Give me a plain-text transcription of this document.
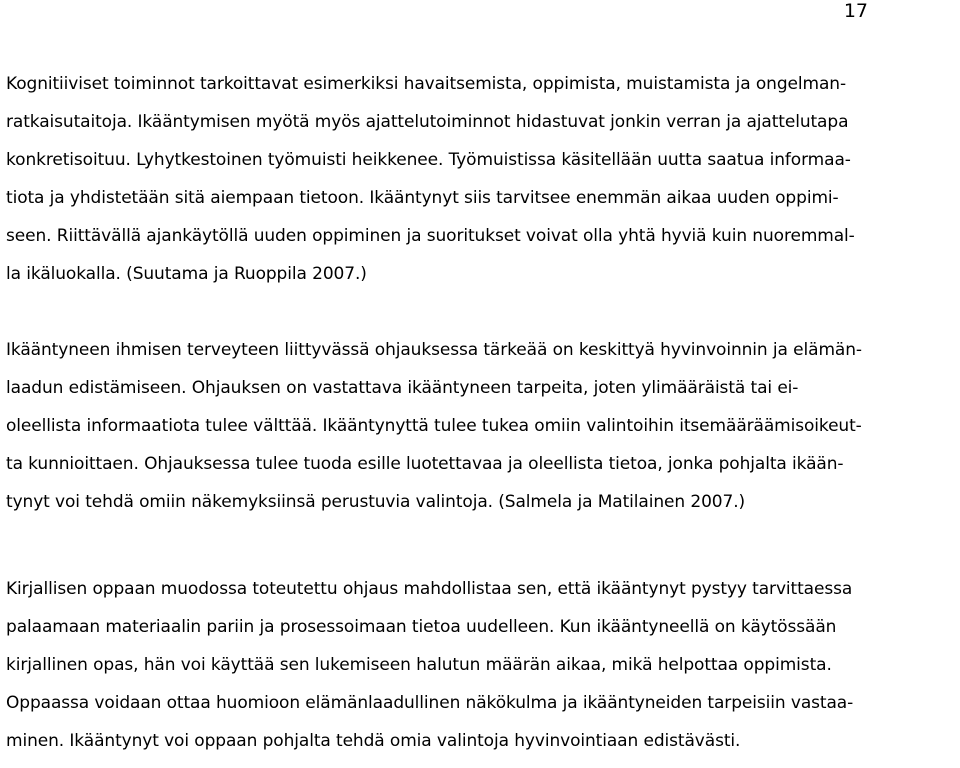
17
Kognitiiviset toiminnot tarkoittavat esimerkiksi havaitsemista, oppimista, muistamista ja ongelman-
ratkaisutaitoja. Ikääntymisen myötä myös ajattelutoiminnot hidastuvat jonkin verran ja ajattelutapa
konkretisoituu. Lyhytkestoinen työmuisti heikkenee. Työmuistissa käsitellään uutta saatua informaa-
tiota ja yhdistetään sitä aiempaan tietoon. Ikääntynyt siis tarvitsee enemmän aikaa uuden oppimi-
seen. Riittävällä ajankäytöllä uuden oppiminen ja suoritukset voivat olla yhtä hyviä kuin nuoremmal-
la ikäluokalla. (Suutama ja Ruoppila 2007.)
Ikääntyneen ihmisen terveyteen liittyvässä ohjauksessa tärkeää on keskittyä hyvinvoinnin ja elämän-
laadun edistämiseen. Ohjauksen on vastattava ikääntyneen tarpeita, joten ylimääräistä tai ei-
oleellista informaatiota tulee välttää. Ikääntynyttä tulee tukea omiin valintoihin itsemääräämisoikeut-
ta kunnioittaen. Ohjauksessa tulee tuoda esille luotettavaa ja oleellista tietoa, jonka pohjalta ikään-
tynyt voi tehdä omiin näkemyksiinsä perustuvia valintoja. (Salmela ja Matilainen 2007.)
Kirjallisen oppaan muodossa toteutettu ohjaus mahdollistaa sen, että ikääntynyt pystyy tarvittaessa
palaamaan materiaalin pariin ja prosessoimaan tietoa uudelleen. Kun ikääntyneellä on käytössään
kirjallinen opas, hän voi käyttää sen lukemiseen halutun määrän aikaa, mikä helpottaa oppimista.
Oppaassa voidaan ottaa huomioon elämänlaadullinen näkökulma ja ikääntyneiden tarpeisiin vastaa-
minen. Ikääntynyt voi oppaan pohjalta tehdä omia valintoja hyvinvointiaan edistävästi.
